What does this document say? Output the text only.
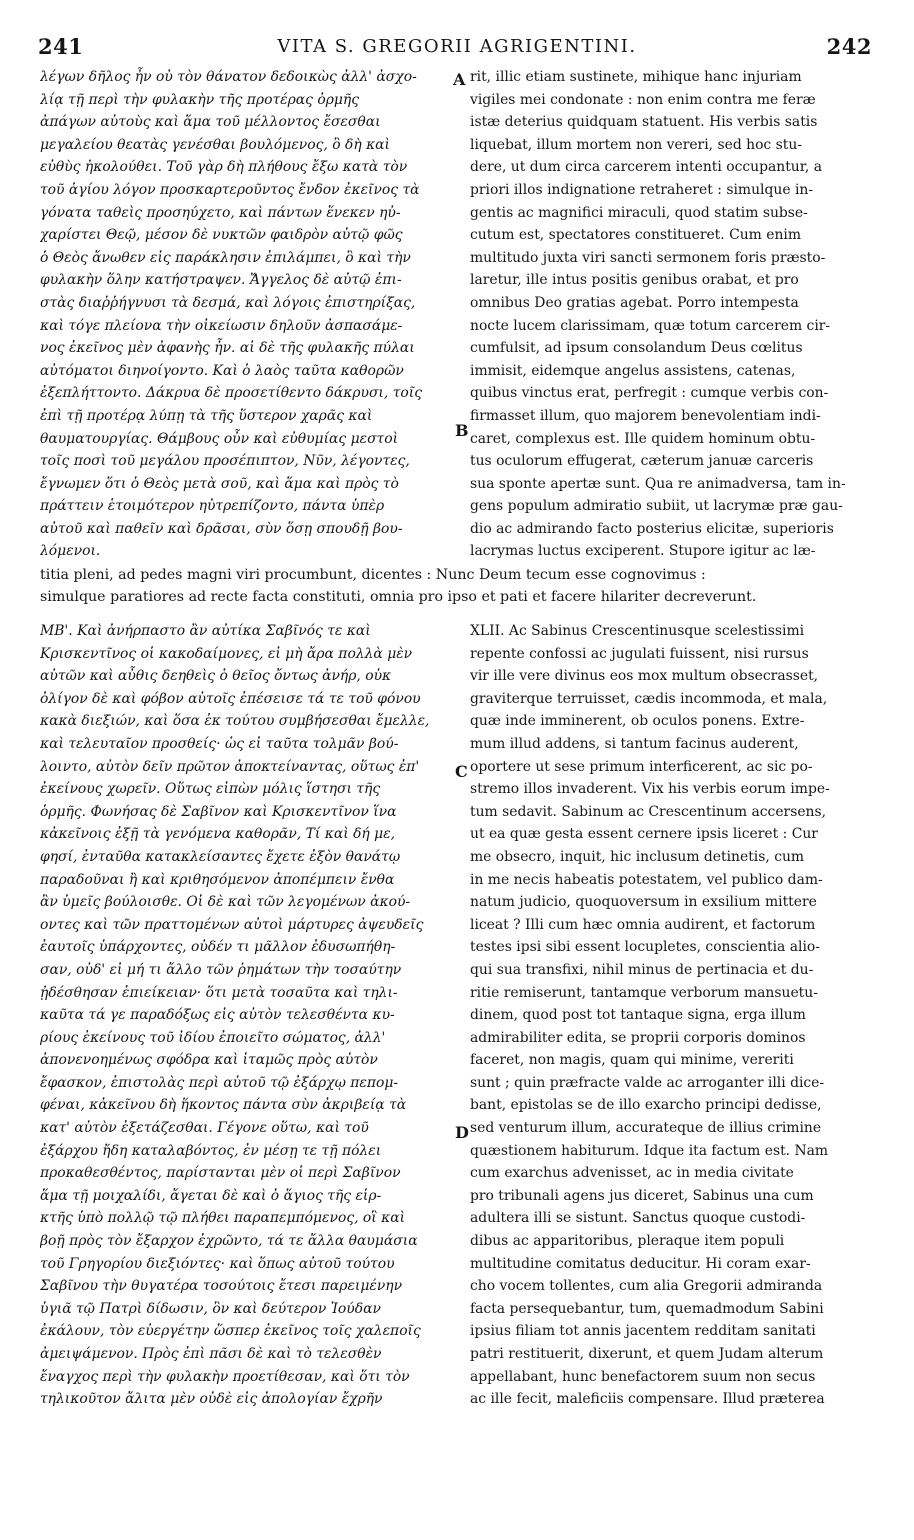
241	VITA S. GREGORII AGRIGENTINI.	242
λέγων δῆλος ἦν οὐ τὸν θάνατον δεδοικὼς ἀλλ' ἀσχο-
λίᾳ τῇ περὶ τὴν φυλακὴν τῆς προτέρας ὁρμῆς
ἀπάγων αὐτοὺς καὶ ἅμα τοῦ μέλλοντος ἔσεσθαι
μεγαλείου θεατὰς γενέσθαι βουλόμενος, ὃ δὴ καὶ
εὐθὺς ἠκολούθει. Τοῦ γὰρ δὴ πλήθους ἔξω κατὰ τὸν
τοῦ ἁγίου λόγον προσκαρτεροῦντος ἔνδον ἐκεῖνος τὰ
γόνατα ταθεὶς προσηύχετο, καὶ πάντων ἕνεκεν ηὐ-
χαρίστει Θεῷ, μέσον δὲ νυκτῶν φαιδρὸν αὐτῷ φῶς
ὁ Θεὸς ἄνωθεν εἰς παράκλησιν ἐπιλάμπει, ὃ καὶ τὴν
φυλακὴν ὅλην κατήστραψεν. Ἄγγελος δὲ αὐτῷ ἐπι-
στὰς διαῤῥήγνυσι τὰ δεσμά, καὶ λόγοις ἐπιστηρίξας,
καὶ τόγε πλείονα τὴν οἰκείωσιν δηλοῦν ἀσπασάμε-
νος ἐκεῖνος μὲν ἀφανὴς ἦν. αἱ δὲ τῆς φυλακῆς πύλαι
αὐτόματοι διηνοίγοντο. Καὶ ὁ λαὸς ταῦτα καθορῶν
ἐξεπλήττοντο. Δάκρυα δὲ προσετίθεντο δάκρυσι, τοῖς
ἐπὶ τῇ προτέρᾳ λύπῃ τὰ τῆς ὕστερον χαρᾶς καὶ
θαυματουργίας. Θάμβους οὖν καὶ εὐθυμίας μεστοὶ
τοῖς ποσὶ τοῦ μεγάλου προσέπιπτον, Νῦν, λέγοντες,
ἔγνωμεν ὅτι ὁ Θεὸς μετὰ σοῦ, καὶ ἅμα καὶ πρὸς τὸ
πράττειν ἑτοιμότερον ηὐτρεπίζοντο, πάντα ὑπὲρ
αὐτοῦ καὶ παθεῖν καὶ δρᾶσαι, σὺν ὅσῃ σπουδῇ βου-
λόμενοι.
rit, illic etiam sustinete, mihique hanc injuriam
vigiles mei condonate : non enim contra me feræ
istæ deterius quidquam statuent. His verbis satis
liquebat, illum mortem non vereri, sed hoc stu-
dere, ut dum circa carcerem intenti occupantur, a
priori illos indignatione retraheret : simulque in-
gentis ac magnifici miraculi, quod statim subse-
cutum est, spectatores constitueret. Cum enim
multitudo juxta viri sancti sermonem foris præsto-
laretur, ille intus positis genibus orabat, et pro
omnibus Deo gratias agebat. Porro intempesta
nocte lucem clarissimam, quæ totum carcerem cir-
cumfulsit, ad ipsum consolandum Deus cœlitus
immisit, eidemque angelus assistens, catenas,
quibus vinctus erat, perfregit : cumque verbis con-
firmasset illum, quo majorem benevolentiam indi-
caret, complexus est. Ille quidem hominum obtu-
tus oculorum effugerat, cæterum januæ carceris
sua sponte apertæ sunt. Qua re animadversa, tam in-
gens populum admiratio subiit, ut lacrymæ præ gau-
dio ac admirando facto posterius elicitæ, superioris
lacrymas luctus exciperent. Stupore igitur ac læ-
titia pleni, ad pedes magni viri procumbunt, dicentes : Nunc Deum tecum esse cognovimus :
simulque paratiores ad recte facta constituti, omnia pro ipso et pati et facere hilariter decreverunt.
ΜΒ'. Καὶ ἀνήρπαστο ἂν αὐτίκα Σαβῖνός τε καὶ
Κρισκεντῖνος οἱ κακοδαίμονες, εἰ μὴ ἄρα πολλὰ μὲν
αὐτῶν καὶ αὖθις δεηθεὶς ὁ θεῖος ὄντως ἀνήρ, οὐκ
ὀλίγον δὲ καὶ φόβον αὐτοῖς ἐπέσεισε τά τε τοῦ φόνου
κακὰ διεξιών, καὶ ὅσα ἐκ τούτου συμβήσεσθαι ἔμελλε,
καὶ τελευταῖον προσθείς· ὡς εἰ ταῦτα τολμᾶν βού-
λοιντο, αὐτὸν δεῖν πρῶτον ἀποκτείναντας, οὕτως ἐπ'
ἐκείνους χωρεῖν. Οὕτως εἰπὼν μόλις ἵστησι τῆς
ὁρμῆς. Φωνήσας δὲ Σαβῖνον καὶ Κρισκεντῖνον ἵνα
κἀκεῖνοις ἐξῇ τὰ γενόμενα καθορᾶν, Τί καὶ δή με,
φησί, ἐνταῦθα κατακλείσαντες ἔχετε ἐξὸν θανάτῳ
παραδοῦναι ἢ καὶ κριθησόμενον ἀποπέμπειν ἔνθα
ἂν ὑμεῖς βούλοισθε. Οἱ δὲ καὶ τῶν λεγομένων ἀκού-
οντες καὶ τῶν πραττομένων αὐτοὶ μάρτυρες ἀψευδεῖς
ἑαυτοῖς ὑπάρχοντες, οὐδέν τι μᾶλλον ἐδυσωπήθη-
σαν, οὐδ' εἰ μή τι ἄλλο τῶν ῥημάτων τὴν τοσαύτην
ᾐδέσθησαν ἐπιείκειαν· ὅτι μετὰ τοσαῦτα καὶ τηλι-
καῦτα τά γε παραδόξως εἰς αὐτὸν τελεσθέντα κυ-
ρίους ἐκείνους τοῦ ἰδίου ἐποιεῖτο σώματος, ἀλλ'
ἀπονενοημένως σφόδρα καὶ ἰταμῶς πρὸς αὐτὸν
ἔφασκον, ἐπιστολὰς περὶ αὐτοῦ τῷ ἐξάρχῳ πεπομ-
φέναι, κἀκεῖνου δὴ ἥκοντος πάντα σὺν ἀκριβείᾳ τὰ
κατ' αὐτὸν ἐξετάζεσθαι. Γέγονε οὕτω, καὶ τοῦ
ἐξάρχου ἤδη καταλαβόντος, ἐν μέσῃ τε τῇ πόλει
προκαθεσθέντος, παρίστανται μὲν οἱ περὶ Σαβῖνον
ἅμα τῇ μοιχαλίδι, ἄγεται δὲ καὶ ὁ ἅγιος τῆς εἱρ-
κτῆς ὑπὸ πολλῷ τῷ πλήθει παραπεμπόμενος, οἳ καὶ
βοῇ πρὸς τὸν ἔξαρχον ἐχρῶντο, τά τε ἄλλα θαυμάσια
τοῦ Γρηγορίου διεξιόντες· καὶ ὅπως αὐτοῦ τούτου
Σαβῖνου τὴν θυγατέρα τοσούτοις ἔτεσι παρειμένην
ὑγιᾶ τῷ Πατρὶ δίδωσιν, ὃν καὶ δεύτερον Ἰούδαν
ἐκάλουν, τὸν εὐεργέτην ὥσπερ ἐκεῖνος τοῖς χαλεποῖς
ἀμειψάμενον. Πρὸς ἐπὶ πᾶσι δὲ καὶ τὸ τελεσθὲν
ἔναγχος περὶ τὴν φυλακὴν προετίθεσαν, καὶ ὅτι τὸν
τηλικοῦτον ἄλιτα μὲν οὐδὲ εἰς ἀπολογίαν ἔχρῆν
XLII. Ac Sabinus Crescentinusque scelestissimi
repente confossi ac jugulati fuissent, nisi rursus
vir ille vere divinus eos mox multum obsecrasset,
graviterque terruisset, cædis incommoda, et mala,
quæ inde imminerent, ob oculos ponens. Extre-
mum illud addens, si tantum facinus auderent,
oportere ut sese primum interficerent, ac sic po-
stremo illos invaderent. Vix his verbis eorum impe-
tum sedavit. Sabinum ac Crescentinum accersens,
ut ea quæ gesta essent cernere ipsis liceret : Cur
me obsecro, inquit, hic inclusum detinetis, cum
in me necis habeatis potestatem, vel publico dam-
natum judicio, quoquoversum in exsilium mittere
liceat ? Illi cum hæc omnia audirent, et factorum
testes ipsi sibi essent locupletes, conscientia alio-
qui sua transfixi, nihil minus de pertinacia et du-
ritie remiserunt, tantamque verborum mansuetu-
dinem, quod post tot tantaque signa, erga illum
admirabiliter edita, se proprii corporis dominos
faceret, non magis, quam qui minime, vereriti
sunt ; quin præfracte valde ac arroganter illi dice-
bant, epistolas se de illo exarcho principi dedisse,
sed venturum illum, accurateque de illius crimine
quæstionem habiturum. Idque ita factum est. Nam
cum exarchus advenisset, ac in media civitate
pro tribunali agens jus diceret, Sabinus una cum
adultera illi se sistunt. Sanctus quoque custodi-
dibus ac apparitoribus, pleraque item populi
multitudine comitatus deducitur. Hi coram exar-
cho vocem tollentes, cum alia Gregorii admiranda
facta persequebantur, tum, quemadmodum Sabini
ipsius filiam tot annis jacentem redditam sanitati
patri restituerit, dixerunt, et quem Judam alterum
appellabant, hunc benefactorem suum non secus
ac ille fecit, maleficiis compensare. Illud præterea
A
B
C
D
